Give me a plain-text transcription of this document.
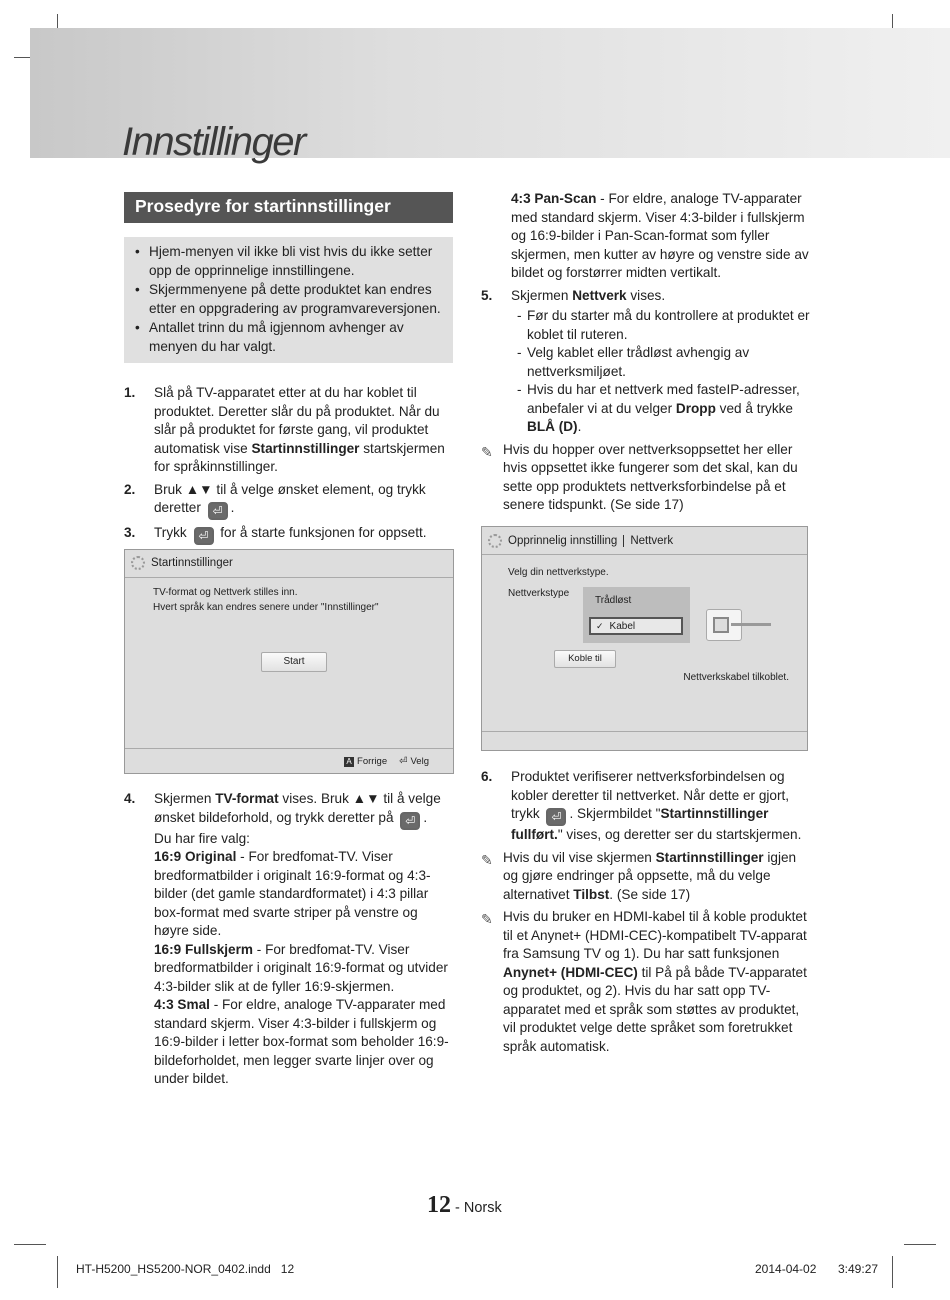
Innstillinger
Prosedyre for startinnstillinger
• Hjem-menyen vil ikke bli vist hvis du ikke setter opp de opprinnelige innstillingene.
• Skjermmenyene på dette produktet kan endres etter en oppgradering av programvareversjonen.
• Antallet trinn du må igjennom avhenger av menyen du har valgt.
1. Slå på TV-apparatet etter at du har koblet til produktet. Deretter slår du på produktet. Når du slår på produktet for første gang, vil produktet automatisk vise Startinnstillinger startskjermen for språkinnstillinger.
2. Bruk ▲▼ til å velge ønsket element, og trykk deretter ⏎ .
3. Trykk ⏎ for å starte funksjonen for oppsett.
Startinnstillinger
TV-format og Nettverk stilles inn.
Hvert språk kan endres senere under "Innstillinger"
Start
A Forrige ⏎ Velg
4. Skjermen TV-format vises. Bruk ▲▼ til å velge ønsket bildeforhold, og trykk deretter på ⏎ .
Du har fire valg:
16:9 Original - For bredfomat-TV. Viser bredformatbilder i originalt 16:9-format og 4:3-bilder (det gamle standardformatet) i 4:3 pillar box-format med svarte striper på venstre og høyre side.
16:9 Fullskjerm - For bredfomat-TV. Viser bredformatbilder i originalt 16:9-format og utvider 4:3-bilder slik at de fyller 16:9-skjermen.
4:3 Smal - For eldre, analoge TV-apparater med standard skjerm. Viser 4:3-bilder i fullskjerm og 16:9-bilder i letter box-format som beholder 16:9-bildeforholdet, men legger svarte linjer over og under bildet.
4:3 Pan-Scan - For eldre, analoge TV-apparater med standard skjerm. Viser 4:3-bilder i fullskjerm og 16:9-bilder i Pan-Scan-format som fyller skjermen, men kutter av høyre og venstre side av bildet og forstørrer midten vertikalt.
5. Skjermen Nettverk vises.
- Før du starter må du kontrollere at produktet er koblet til ruteren.
- Velg kablet eller trådløst avhengig av nettverksmiljøet.
- Hvis du har et nettverk med fasteIP-adresser, anbefaler vi at du velger Dropp ved å trykke BLÅ (D).
✎ Hvis du hopper over nettverksoppsettet her eller hvis oppsettet ikke fungerer som det skal, kan du sette opp produktets nettverksforbindelse på et senere tidspunkt. (Se side 17)
Opprinnelig innstilling Nettverk
Velg din nettverkstype.
Nettverkstype
Trådløst
✓ Kabel
Koble til
Nettverkskabel tilkoblet.
6. Produktet verifiserer nettverksforbindelsen og kobler deretter til nettverket. Når dette er gjort, trykk ⏎ . Skjermbildet "Startinnstillinger fullført." vises, og deretter ser du startskjermen.
✎ Hvis du vil vise skjermen Startinnstillinger igjen og gjøre endringer på oppsette, må du velge alternativet Tilbst. (Se side 17)
✎ Hvis du bruker en HDMI-kabel til å koble produktet til et Anynet+ (HDMI-CEC)-kompatibelt TV-apparat fra Samsung TV og 1). Du har satt funksjonen Anynet+ (HDMI-CEC) til På på både TV-apparatet og produktet, og 2). Hvis du har satt opp TV-apparatet med et språk som støttes av produktet, vil produktet velge dette språket som foretrukket språk automatisk.
12 - Norsk
HT-H5200_HS5200-NOR_0402.indd   12	2014-04-02 3:49:27
